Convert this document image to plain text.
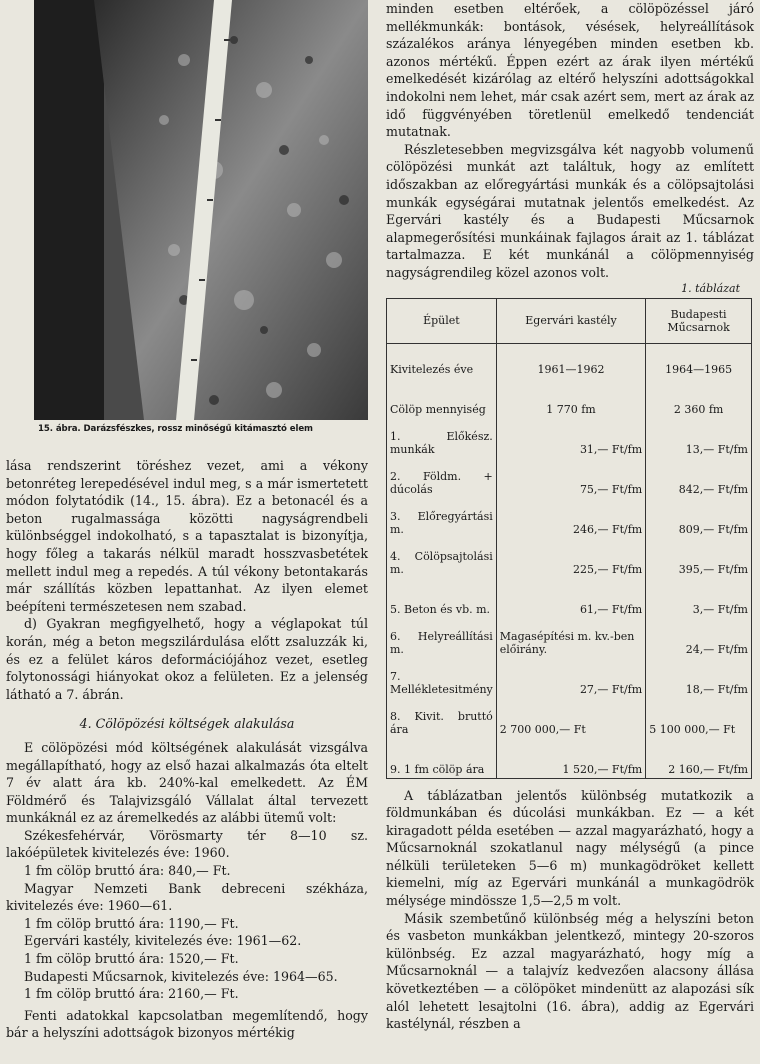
15. ábra. Darázsfészkes, rossz minőségű kitámasztó elem

lása rendszerint töréshez vezet, ami a vékony betonréteg lerepedésével indul meg, s a már ismertetett módon folytatódik (14., 15. ábra). Ez a betonacél és a beton rugalmassága közötti nagyságrendbeli különbséggel indokolható, s a tapasztalat is bizonyítja, hogy főleg a takarás nélkül maradt hosszvasbetétek mellett indul meg a repedés. A túl vékony betontakarás már szállítás közben lepattanhat. Az ilyen elemet beépíteni természetesen nem szabad.

d) Gyakran megfigyelhető, hogy a véglapokat túl korán, még a beton megszilárdulása előtt zsaluzzák ki, és ez a felület káros deformációjához vezet, esetleg folytonossági hiányokat okoz a felületen. Ez a jelenség látható a 7. ábrán.

4. Cölöpözési költségek alakulása

E cölöpözési mód költségének alakulását vizsgálva megállapítható, hogy az első hazai alkalmazás óta eltelt 7 év alatt ára kb. 240%-kal emelkedett. Az ÉM Földmérő és Talajvizsgáló Vállalat által tervezett munkáknál ez az áremelkedés az alábbi ütemű volt:

Székesfehérvár, Vörösmarty tér 8—10 sz. lakóépületek kivitelezés éve: 1960.

1 fm cölöp bruttó ára: 840,— Ft.

Magyar Nemzeti Bank debreceni székháza, kivitelezés éve: 1960—61.

1 fm cölöp bruttó ára: 1190,— Ft.

Egervári kastély, kivitelezés éve: 1961—62.

1 fm cölöp bruttó ára: 1520,— Ft.

Budapesti Műcsarnok, kivitelezés éve: 1964—65.

1 fm cölöp bruttó ára: 2160,— Ft.

Fenti adatokkal kapcsolatban megemlítendő, hogy bár a helyszíni adottságok bizonyos mértékig

minden esetben eltérőek, a cölöpözéssel járó mellékmunkák: bontások, vésések, helyreállítások százalékos aránya lényegében minden esetben kb. azonos mértékű. Éppen ezért az árak ilyen mértékű emelkedését kizárólag az eltérő helyszíni adottságokkal indokolni nem lehet, már csak azért sem, mert az árak az idő függvényében töretlenül emelkedő tendenciát mutatnak.

Részletesebben megvizsgálva két nagyobb volumenű cölöpözési munkát azt találtuk, hogy az említett időszakban az előregyártási munkák és a cölöpsajtolási munkák egységárai mutatnak jelentős emelkedést. Az Egervári kastély és a Budapesti Műcsarnok alapmegerősítési munkáinak fajlagos árait az 1. táblázat tartalmazza. E két munkánál a cölöpmennyiség nagyságrendileg közel azonos volt.

1. táblázat

Épület	Egervári kastély	Budapesti Műcsarnok
Kivitelezés éve	1961—1962	1964—1965
Cölöp mennyiség	1 770 fm	2 360 fm
1. Előkész. munkák	31,— Ft/fm	13,— Ft/fm
2. Földm. + dúcolás	75,— Ft/fm	842,— Ft/fm
3. Előregyártási m.	246,— Ft/fm	809,— Ft/fm
4. Cölöpsajtolási m.	225,— Ft/fm	395,— Ft/fm
5. Beton és vb. m.	61,— Ft/fm	3,— Ft/fm
6. Helyreállítási m.	Magasépítési m. kv.-ben előirány.	24,— Ft/fm
7. Mellékletesitmény	27,— Ft/fm	18,— Ft/fm
8. Kivit. bruttó ára	2 700 000,— Ft	5 100 000,— Ft
9. 1 fm cölöp ára	1 520,— Ft/fm	2 160,— Ft/fm

A táblázatban jelentős különbség mutatkozik a földmunkában és dúcolási munkákban. Ez — a két kiragadott példa esetében — azzal magyarázható, hogy a Műcsarnoknál szokatlanul nagy mélységű (a pince nélküli területeken 5—6 m) munkagödröket kellett kiemelni, míg az Egervári munkánál a munkagödrök mélysége mindössze 1,5—2,5 m volt.

Másik szembetűnő különbség még a helyszíni beton és vasbeton munkákban jelentkező, mintegy 20-szoros különbség. Ez azzal magyarázható, hogy míg a Műcsarnoknál — a talajvíz kedvezően alacsony állása következtében — a cölöpöket mindenütt az alapozási sík alól lehetett lesajtolni (16. ábra), addig az Egervári kastélynál, részben a
